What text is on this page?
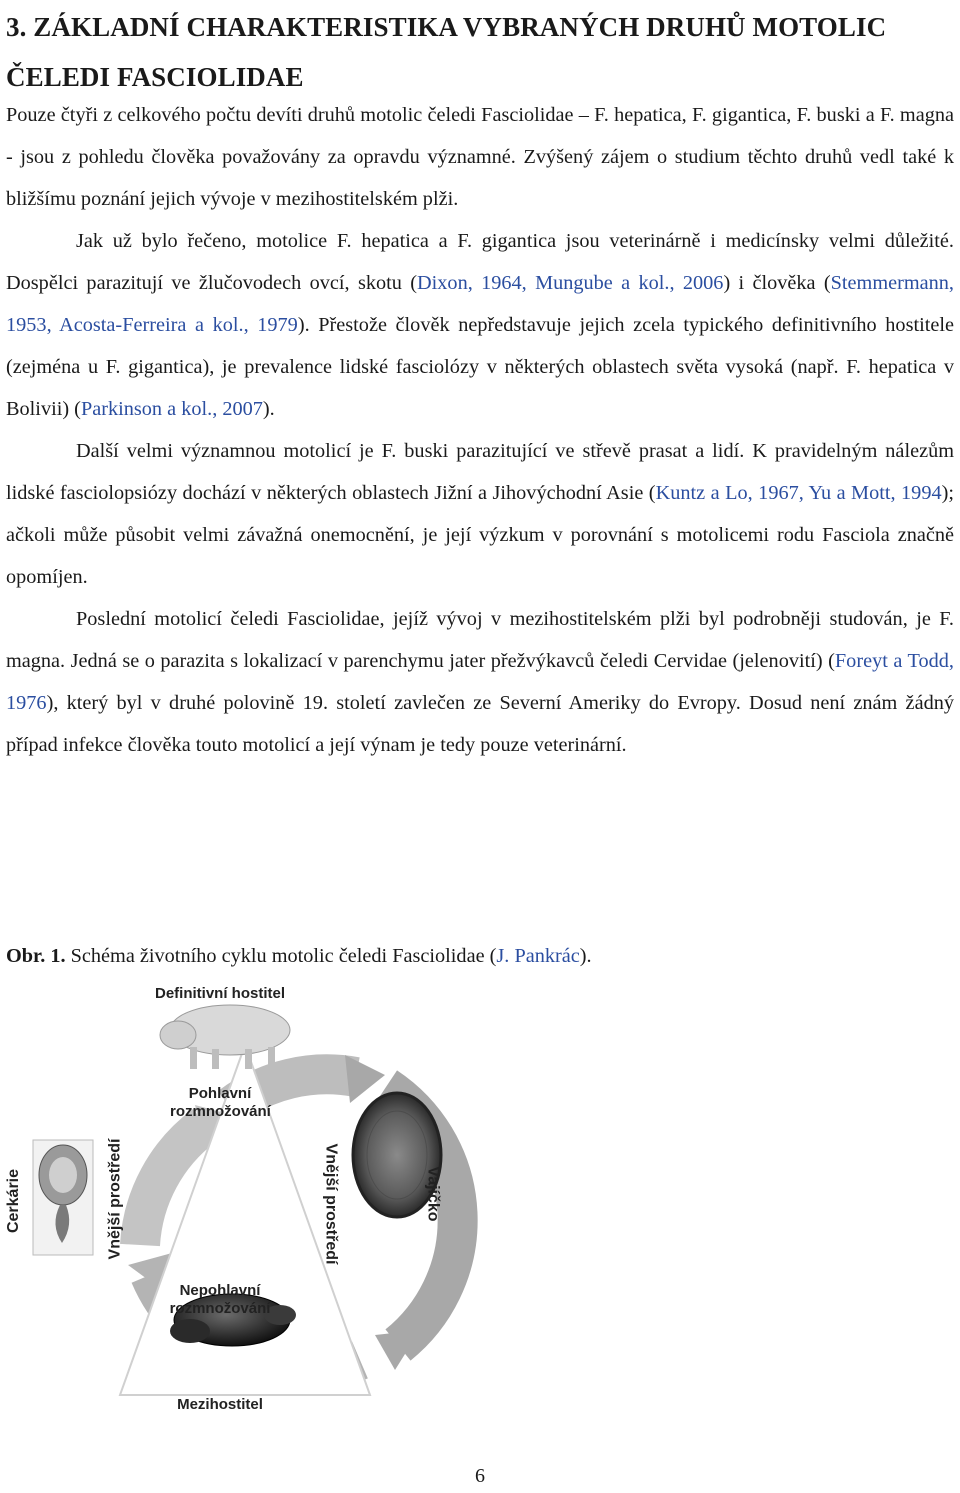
3. ZÁKLADNÍ CHARAKTERISTIKA VYBRANÝCH DRUHŮ MOTOLIC
ČELEDI FASCIOLIDAE

Pouze čtyři z celkového počtu devíti druhů motolic čeledi Fasciolidae – F. hepatica, F. gigantica, F. buski a F. magna - jsou z pohledu člověka považovány za opravdu významné. Zvýšený zájem o studium těchto druhů vedl také k bližšímu poznání jejich vývoje v mezihostitelském plži.

Jak už bylo řečeno, motolice F. hepatica a F. gigantica jsou veterinárně i medicínsky velmi důležité. Dospělci parazitují ve žlučovodech ovcí, skotu (Dixon, 1964, Mungube a kol., 2006) i člověka (Stemmermann, 1953, Acosta-Ferreira a kol., 1979). Přestože člověk nepředstavuje jejich zcela typického definitivního hostitele (zejména u F. gigantica), je prevalence lidské fasciolózy v některých oblastech světa vysoká (např. F. hepatica v Bolivii) (Parkinson a kol., 2007).

Další velmi významnou motolicí je F. buski parazitující ve střevě prasat a lidí. K pravidelným nálezům lidské fasciolopsiózy dochází v některých oblastech Jižní a Jihovýchodní Asie (Kuntz a Lo, 1967, Yu a Mott, 1994); ačkoli může působit velmi závažná onemocnění, je její výzkum v porovnání s motolicemi rodu Fasciola značně opomíjen.

Poslední motolicí čeledi Fasciolidae, jejíž vývoj v mezihostitelském plži byl podrobněji studován, je F. magna. Jedná se o parazita s lokalizací v parenchymu jater přežvýkavců čeledi Cervidae (jelenovití) (Foreyt a Todd, 1976), který byl v druhé polovině 19. století zavlečen ze Severní Ameriky do Evropy. Dosud není znám žádný případ infekce člověka touto motolicí a její výnam je tedy pouze veterinární.

Obr. 1. Schéma životního cyklu motolic čeledi Fasciolidae (J. Pankrác).

Definitivní hostitel
Pohlavní rozmnožování
Nepohlavní rozmnožování
Mezihostitel
Vnější prostředí	Vnější prostředí	Vajíčko
Cerkárie
6
